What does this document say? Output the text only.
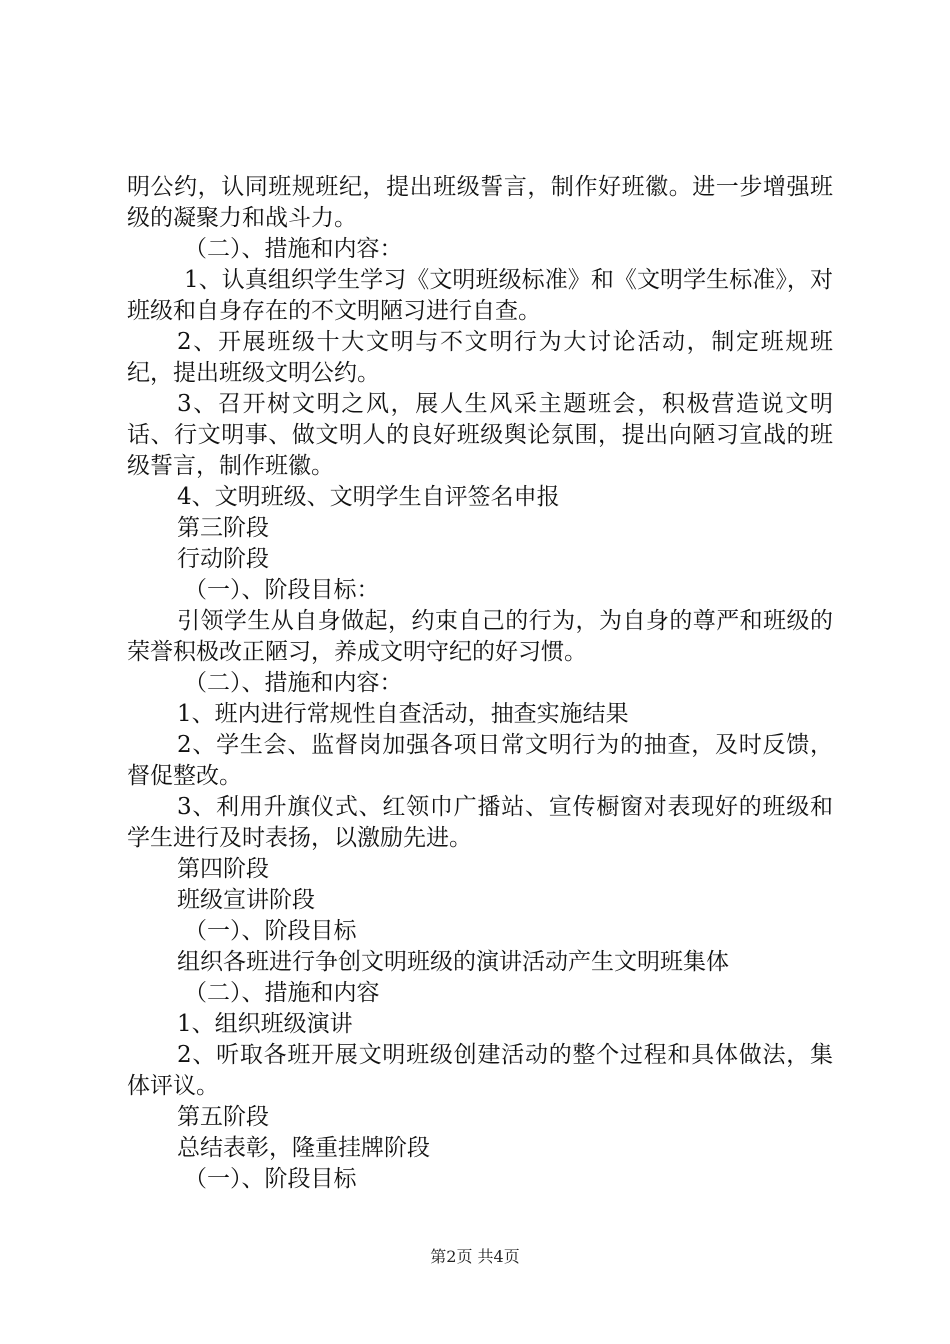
明公约，认同班规班纪，提出班级誓言，制作好班徽。进一步增强班级的凝聚力和战斗力。

（二）、措施和内容：

1、认真组织学生学习《文明班级标准》和《文明学生标准》，对班级和自身存在的不文明陋习进行自查。

2、开展班级十大文明与不文明行为大讨论活动，制定班规班纪，提出班级文明公约。

3、召开树文明之风，展人生风采主题班会，积极营造说文明话、行文明事、做文明人的良好班级舆论氛围，提出向陋习宣战的班级誓言，制作班徽。

4、文明班级、文明学生自评签名申报

第三阶段

行动阶段

（一）、阶段目标：

引领学生从自身做起，约束自己的行为，为自身的尊严和班级的荣誉积极改正陋习，养成文明守纪的好习惯。

（二）、措施和内容：

1、班内进行常规性自查活动，抽查实施结果

2、学生会、监督岗加强各项日常文明行为的抽查，及时反馈，督促整改。

3、利用升旗仪式、红领巾广播站、宣传橱窗对表现好的班级和学生进行及时表扬，以激励先进。

第四阶段

班级宣讲阶段

（一）、阶段目标

组织各班进行争创文明班级的演讲活动产生文明班集体

（二）、措施和内容

1、组织班级演讲

2、听取各班开展文明班级创建活动的整个过程和具体做法，集体评议。

第五阶段

总结表彰，隆重挂牌阶段

（一）、阶段目标

第2页 共4页
